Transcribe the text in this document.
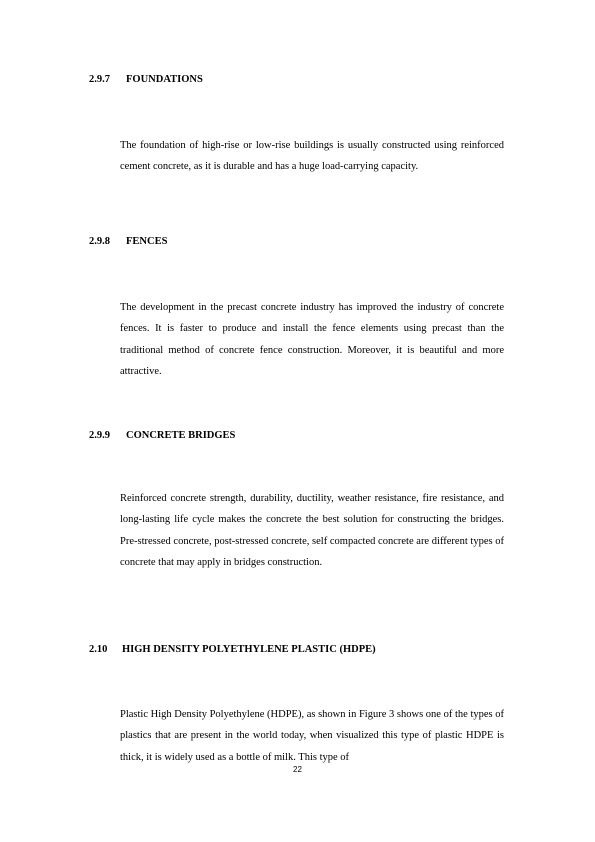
2.9.7 FOUNDATIONS
The foundation of high-rise or low-rise buildings is usually constructed using reinforced cement concrete, as it is durable and has a huge load-carrying capacity.
2.9.8 FENCES
The development in the precast concrete industry has improved the industry of concrete fences. It is faster to produce and install the fence elements using precast than the traditional method of concrete fence construction. Moreover, it is beautiful and more attractive.
2.9.9 CONCRETE BRIDGES
Reinforced concrete strength, durability, ductility, weather resistance, fire resistance, and long-lasting life cycle makes the concrete the best solution for constructing the bridges. Pre-stressed concrete, post-stressed concrete, self compacted concrete are different types of concrete that may apply in bridges construction.
2.10 HIGH DENSITY POLYETHYLENE PLASTIC (HDPE)
Plastic High Density Polyethylene (HDPE), as shown in Figure 3 shows one of the types of plastics that are present in the world today, when visualized this type of plastic HDPE is thick, it is widely used as a bottle of milk. This type of
22
